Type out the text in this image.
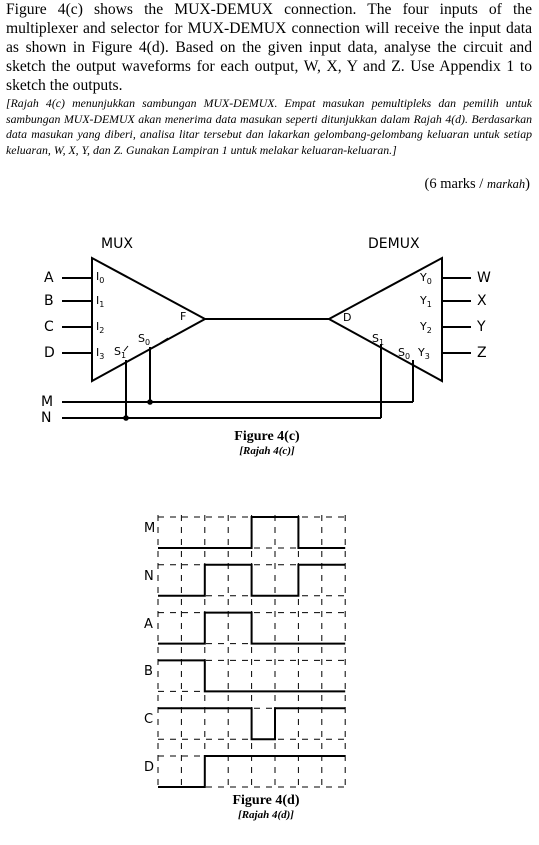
Figure 4(c) shows the MUX-DEMUX connection. The four inputs of the multiplexer and selector for MUX-DEMUX connection will receive the input data as shown in Figure 4(d). Based on the given input data, analyse the circuit and sketch the output waveforms for each output, W, X, Y and Z. Use Appendix 1 to sketch the outputs.

[Rajah 4(c) menunjukkan sambungan MUX-DEMUX. Empat masukan pemultipleks dan pemilih untuk sambungan MUX-DEMUX akan menerima data masukan seperti ditunjukkan dalam Rajah 4(d). Berdasarkan data masukan yang diberi, analisa litar tersebut dan lakarkan gelombang-gelombang keluaran untuk setiap keluaran, W, X, Y, dan Z. Gunakan Lampiran 1 untuk melakar keluaran-keluaran.]

(6 marks / markah)
MUX	DEMUX
A
B
C
D
$I_0$
$I_1$
$I_2$
$I_3$ $S_1$
$S_0$
F	D
$S_1$
$S_0$
$Y_0$
$Y_1$
$Y_2$
$Y_3$
W
X
Y
Z
M
N
Figure 4(c)
[Rajah 4(c)]
M
N
A
B
C
D
Figure 4(d)
[Rajah 4(d)]
